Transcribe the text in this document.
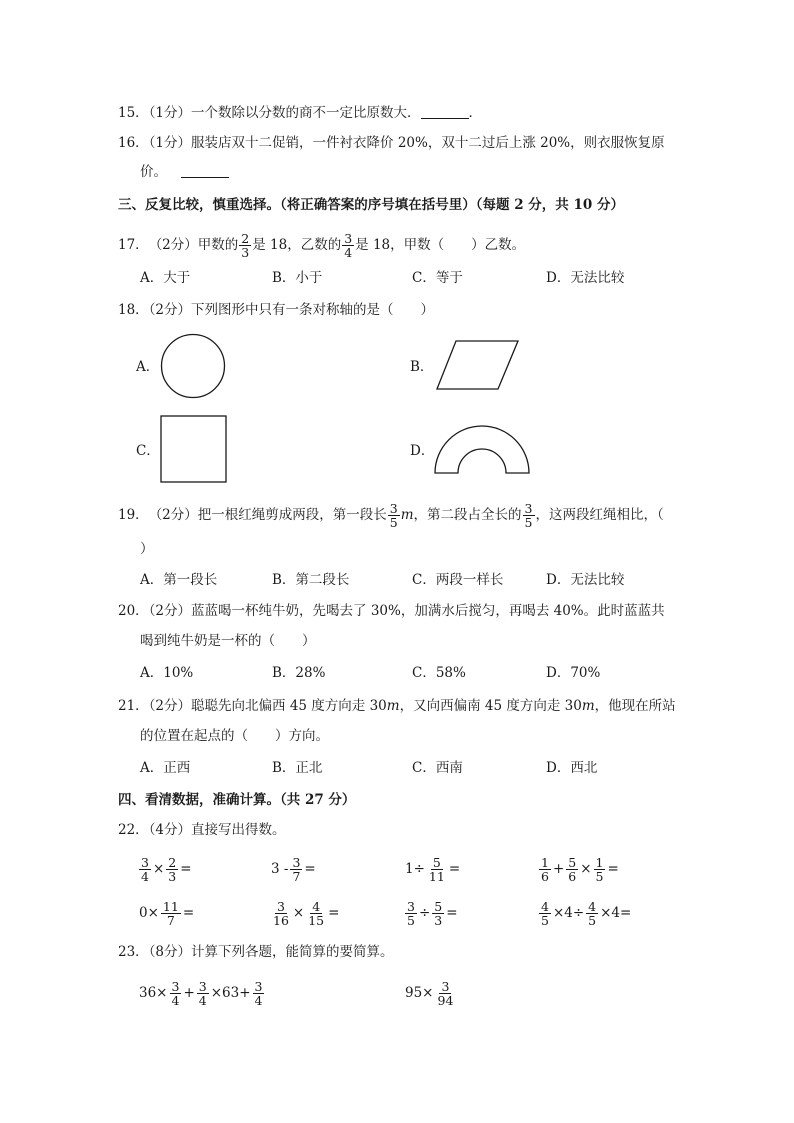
15．（1分）一个数除以分数的商不一定比原数大．	．
16．（1分）服装店双十二促销，一件衬衣降价 20%，双十二过后上涨 20%，则衣服恢复原
价。
三、反复比较，慎重选择。（将正确答案的序号填在括号里）（每题 2 分，共 10 分）
17． （2分） 甲数的 $\frac{2}{3}$ 是 18，乙数的 $\frac{3}{4}$ 是 18，甲数（　　）乙数。
A．大于	B．小于	C．等于	D．无法比较
18．（2分）下列图形中只有一条对称轴的是（　　）
A．	B．
C．	D．
19． （2分） 把一根红绳剪成两段，第一段长 $\frac{3}{5}$ m ，第二段占全长的 $\frac{3}{5}$ ，这两段红绳相比，（
）
A．第一段长	B．第二段长	C．两段一样长	D．无法比较
20．（2分）蓝蓝喝一杯纯牛奶，先喝去了 30%，加满水后搅匀，再喝去 40%。此时蓝蓝共
喝到纯牛奶是一杯的（　　）
A．10%	B．28%	C．58%	D．70%
21．（2分）聪聪先向北偏西 45 度方向走 30m，又向西偏南 45 度方向走 30m，他现在所站
的位置在起点的（　　）方向。
A．正西	B．正北	C．西南	D．西北
四、看清数据，准确计算。（共 27 分）
22．（4分）直接写出得数。
$\frac{3}{4} \times \frac{2}{3}$ =	$3 - \frac{3}{7}$ =	$1\div \frac{5}{11}$ =	$\frac{1}{6} + \frac{5}{6} \times \frac{1}{5}$ =
$0\times \frac{11}{7}$ =	$\frac{3}{16} \times \frac{4}{15}$ =	$\frac{3}{5} \div \frac{5}{3}$ =	$\frac{4}{5} \times 4\div \frac{4}{5} \times 4=$
23．（8分）计算下列各题，能简算的要简算。
$36\times \frac{3}{4} + \frac{3}{4} \times 63+ \frac{3}{4}$	$95\times \frac{3}{94}$
